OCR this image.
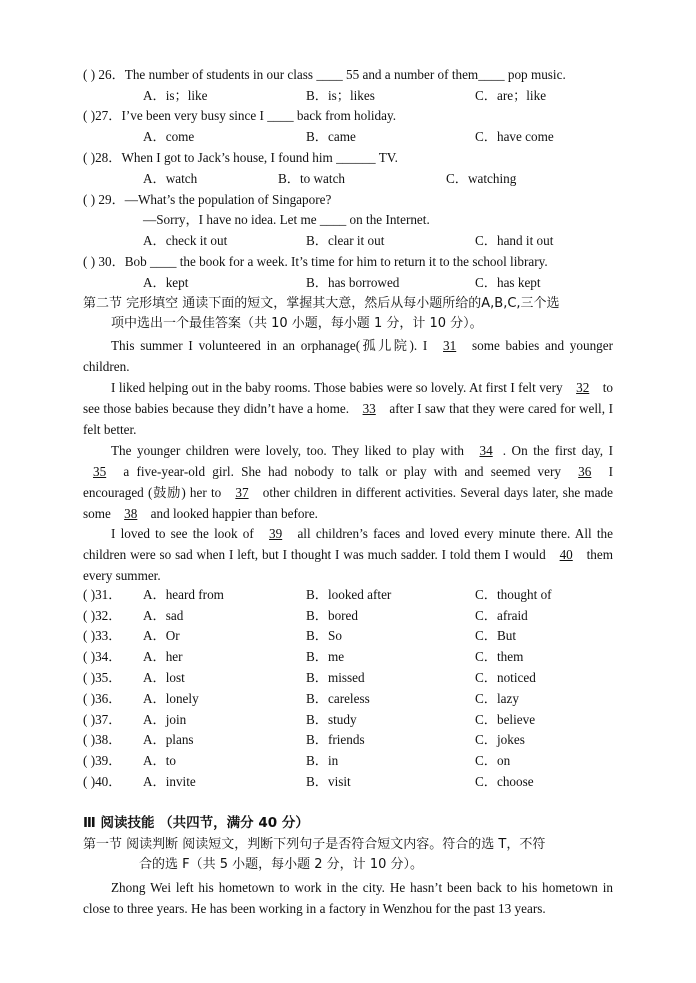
( ) 26．The number of students in our class ____ 55 and a number of them____ pop music.
A．is；like	B．is；likes	C．are；like
( )27．I’ve been very busy since I ____ back from holiday.
A．come	B．came	C．have come
( )28．When I got to Jack’s house, I found him ______ TV.
A．watch	B．to watch	C．watching
( ) 29．—What’s the population of Singapore?
—Sorry，I have no idea. Let me ____ on the Internet.
A．check it out	B．clear it out	C．hand it out
( ) 30．Bob ____ the book for a week. It’s time for him to return it to the school library.
A．kept	B．has borrowed	C．has kept
第二节 完形填空 通读下面的短文，掌握其大意，然后从每小题所给的A,B,C,三个选
项中选出一个最佳答案（共 10 小题，每小题 1 分，计 10 分）。
This summer I volunteered in an orphanage(孤儿院). I 31 some babies and younger children.
I liked helping out in the baby rooms. Those babies were so lovely. At first I felt very 32 to see those babies because they didn’t have a home. 33 after I saw that they were cared for well, I felt better.
The younger children were lovely, too. They liked to play with 34 . On the first day, I 35 a five-year-old girl. She had nobody to talk or play with and seemed very 36 I encouraged (鼓励) her to 37 other children in different activities. Several days later, she made some 38 and looked happier than before.
I loved to see the look of 39 all children’s faces and loved every minute there. All the children were so sad when I left, but I thought I was much sadder. I told them I would 40 them every summer.
( )31． A．heard from	B．looked after	C．thought of
( )32． A．sad	B．bored	C．afraid
( )33． A．Or	B．So	C．But
( )34． A．her	B．me	C．them
( )35． A．lost	B．missed	C．noticed
( )36． A．lonely	B．careless	C．lazy
( )37． A．join	B．study	C．believe
( )38． A．plans	B．friends	C．jokes
( )39． A．to	B．in	C．on
( )40． A．invite	B．visit	C．choose
Ⅲ 阅读技能 （共四节，满分 40 分）
第一节 阅读判断 阅读短文，判断下列句子是否符合短文内容。符合的选 T，不符
合的选 F（共 5 小题，每小题 2 分，计 10 分）。
Zhong Wei left his hometown to work in the city. He hasn’t been back to his hometown in close to three years. He has been working in a factory in Wenzhou for the past 13 years.
